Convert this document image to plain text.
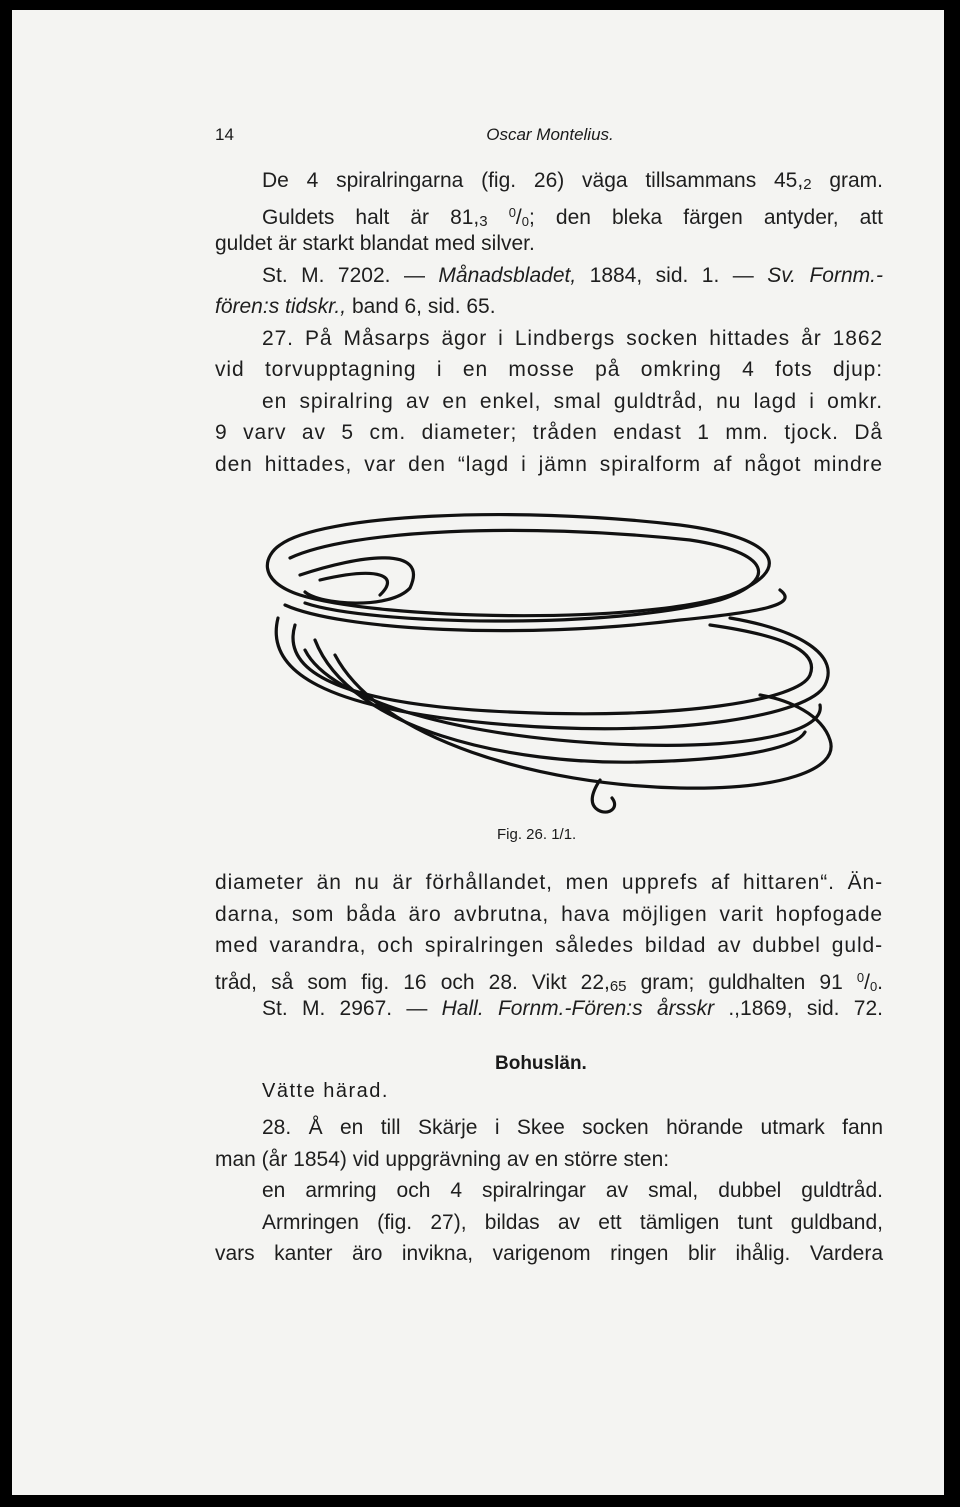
14	Oscar Montelius.
De 4 spiralringarna (fig. 26) väga tillsammans 45,2 gram.
Guldets halt är 81,3 $^0$/0; den bleka färgen antyder, att
guldet är starkt blandat med silver.
St. M. 7202. — Månadsbladet, 1884, sid. 1. — Sv. Fornm.-
fören:s tidskr., band 6, sid. 65.
27. På Måsarps ägor i Lindbergs socken hittades år 1862
vid torvupptagning i en mosse på omkring 4 fots djup:
en spiralring av en enkel, smal guldtråd, nu lagd i omkr.
9 varv av 5 cm. diameter; tråden endast 1 mm. tjock. Då
den hittades, var den “lagd i jämn spiralform af något mindre
Fig. 26. 1/1.
diameter än nu är förhållandet, men upprefs af hittaren“. Än-
darna, som båda äro avbrutna, hava möjligen varit hopfogade
med varandra, och spiralringen således bildad av dubbel guld-
tråd, så som fig. 16 och 28. Vikt 22,65 gram; guldhalten 91 $^0$/0.
St. M. 2967. — Hall. Fornm.-Fören:s årsskr .,1869, sid. 72.
Bohuslän.
Vätte härad.
28. Å en till Skärje i Skee socken hörande utmark fann
man (år 1854) vid uppgrävning av en större sten:
en armring och 4 spiralringar av smal, dubbel guldtråd.
Armringen (fig. 27), bildas av ett tämligen tunt guldband,
vars kanter äro invikna, varigenom ringen blir ihålig. Vardera
